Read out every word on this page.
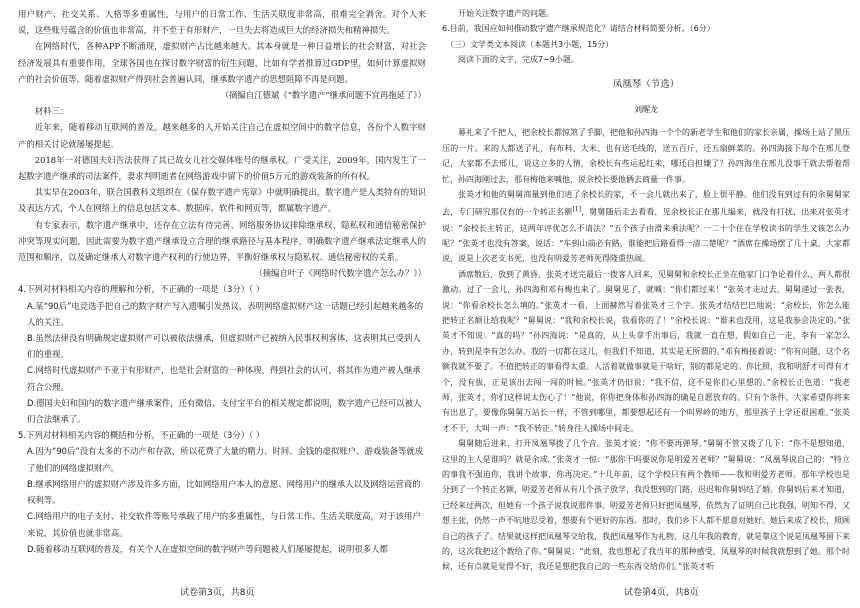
用户财产、社交关系、人格等多重属性，与用户的日常工作、生活关联度非常高，很难完全剥舍。对个人来说，这些账号蕴含的价值也非常高，并不至于有形财产，一旦失去将造成巨大的经济损失和精神损失。

在网络时代，各种APP不断涌现，虚拟财产占比越来越大。其本身就是一种日益增长的社会财富，对社会经济发展具有重要作用，全球各国也在探讨数字财富的衍生问题，比如有学者推算过GDP里，如何计算虚拟财产的社会价值等。随着虚拟财产得到社会普遍认同，继承数字遗产的思想阻障不再是问题。

（摘编自江德斌《“数字遗产”继承问题不宜再拖延了》）

材料三：

近年来，随着移动互联网的普及，越来越多的人开始关注自己在虚拟空间中的数字信息，各份个人数字财产的相关讨论就屡屡提起。

2018年一对德国夫妇告法获得了其已故女儿社交媒体账号的继承权。广受关注，2009年，国内发生了一起数字遗产继承的司法案件，妻求判明逝者在网络游戏中留下的价值5万元的游戏装备的所有权。

其实早在2003年，联合国教科文组织在《保存数字遗产宪章》中就明确提出，数字遗产是人类特有的知识及表达方式，个人在网络上的信息包括文本、数据库、软件和网页等，都属数字遗产。

有专家表示，数字遗产继承中，还存在立法有待完善、网络服务协议排除继承权、隐私权和通信秘密保护冲突等现实问题，因此需要为数字遗产继承设立合理的继承路径与基本程序，明确数字遗产继承法定继承人的范围和顺序，以及确定继承人对数字遗产权利的行使边界，平衡好继承权与隐私权、通信秘密权的关系。

（摘编自叶子《网络时代数字遗产怎么办？》）

4.下列对材料相关内容的理解和分析，不正确的一项是（3分）（ ）

A.某“90后”电竞选手把自己的数字财产写入遗嘱引发热议，表明网络虚拟财产这一话题已经引起越来越多的人的关注。

B.虽然法律没有明确规定虚拟财产可以被依法继承，但虚拟财产已被纳入民事权利客体，这表明其已受到人们的重视。

C.网络时代虚拟财产不亚于有形财产，也是社会财富的一种体现，得到社会的认可，将其作为遗产被人继承符合公理。

D.德国夫妇和国内的数字遗产继承案件，还有微信、支付宝平台的相关规定都说明，数字遗产已经可以被人们合法继承了。

5.下列对材料相关内容的概括和分析，不正确的一项是（3分）（ ）

A.因为“90后”没有太多的不动产和存款，所以花费了大量的精力、时间、金钱的虚拟账户、游戏装备等就成了他们的网络虚拟财产。

B.继承网络用户的虚拟财产涉及许多方面，比如网络用户本人的意愿、网络用户的继承人以及网络运营商的权利等。

C.网络用户的电子支付、社交软件等账号承载了用户的多重属性，与日常工作、生活关联度高，对于该用户来说，其价值也就非常高。

D.随着移动互联网的普及，有关个人在虚拟空间的数字财产等问题被人们屡屡提起，说明很多人都

开始关注数字遗产的问题。

6.目前，我国应如何推动数字遗产继承规范化？请结合材料简要分析。（6分）

（三）文学类文本阅读（本题共3小题，15分）

阅读下面的文字，完成7~9小题。

凤凰琴（节选）

刘醒龙

幕礼来了千把人，把余校长都惊煞了手脚，把他和孙四海一个个的新老学生和他们的家长亲属，操场上站了黑压压的一片。来的人都送了礼，有布料、大米、也有送毛线的，送五百斤，还五扇鲜菜的。孙四海接下每个在邢儿登记，大家都不去邢儿，说这立多的人情，余校长有些运起红来，哪还自担嫌了？孙四海坐在邢儿没事干就去帮着帮忙，孙四海刚过去，那有梅他来喊他，说余校长要他俩去商量一件事。

张英才和他的舅舅商量到他们进了余校长的家，不一会儿就出来了，脸上很平静。他们没有到过有的余舅舅家去，专门研究那仅有的一个转正名额[1]，舅舅随后走去看看，见余校长正在那儿编来，就没有打扰，出来对张英才说：“余校长主转正，这两年评优怎么不请法？”五个孩子由滑来乘法呢？一二十个住在学校读书的学生又该怎么办呢？”张英才也没有答案，说话：“车到山前必有路，谁能把后路看得一清二楚呢？”酒席在操场摆了几十桌，大家都说，说是上次老支书死，也没有明爱芳老师死得隆重热闹。

酒席散后，放到了黄昏，张英才送完最后一拨客人回来，见舅舅和余校长正坐在他家门口争论着什么，两人都很激动。过了一会儿，孙四海和邓有梅也来了。舅舅见了，就喊：“你们都过来！”张英才走过去，舅舅递过一张表，说：“你看余校长怎么填的。”张英才一看，上面赫然写着张英才三个字。张英才结结巴巴地说：“余校长，你怎么能把转正名额让给我呢？”舅舅说：“我和余校长说，我看你的了！”余校长说：“谁来也没用，这是我参会决定的。”张英才不知说：“真的吗？”孙四海说：“是真的，从上头拿手出事后，我就一直在想，假如自己一走，李有一家怎么办，转到是李有怎么办。我的一切都在这儿，但我们不知道，其实是无所谓的。”邓有梅接着说：“你有问题，这个名额我就不要了。不值把转正的事看得太重。人活着就做事就是干啥好，别的都是定的。你比照，我和明舒才可得有才个，没有拔，正是该出去闯一闯的时候。”张英才仍旧说：“我不信，这不是你们心里想的。”余校长正色道：“我老师，张英才，你们这样说太伤心了！”他说，你你把身体和孙四海的确是自愿放弃的。只有个条件，大家希望你将来有出息了，要像你舅舅万站长一样，不管到哪里，都要想起还有一个叫界岭的地方，那里孩子上学还很困难。”张英才不干，大叫一声：“我不转正。”转身往人操场中间走。

舅舅随后进来，打开凤凰琴拨了几个音。张英才说：“你不要再弹琴。”舅舅不管又拨了几下：“你不是想知道，这里的主人是谁吗？就是余成。”张英才一惊：“那你干吗要说你是明爱芳老师？”舅舅说：“凤凰琴说自己的：“特立的事我不强迫你，我讲个故事，你再决定。”十几年前，这个学校只有两个教师——我和明爱芳老师。那年学校也是分到了一个转正名额，明爱芳老师从有几个孩子放学，我没想到的门路，迟迟和你舅妈结了婚。你舅妈后来才知道，已经来过两次，但她有一个孩子说我说那件事。明爱芳老师只好把凤凰琴，依然为了证明自己比我强，明知不得，又想主张，仍然一声不吭地忍受着，想要有个更好的东西。那时，我们乡下人都不愿意对她好。她后来成了校长，照顾自己的孩子了。结果就这样把凤凰琴交给我，我把凤凰琴作为礼物，这几年我的教育，就是靠这个说是凤凰琴留下来的，这次我把这个教给了你。”舅舅说：“此刻，我也想起了我当年的那种感受，凤凰琴的时候我就想到了她。那个时候，还有点就是觉得不好，我还是想把我自己的一些东西交给你们。”张英才听

试卷第3页，共8页	试卷第4页，共8页
